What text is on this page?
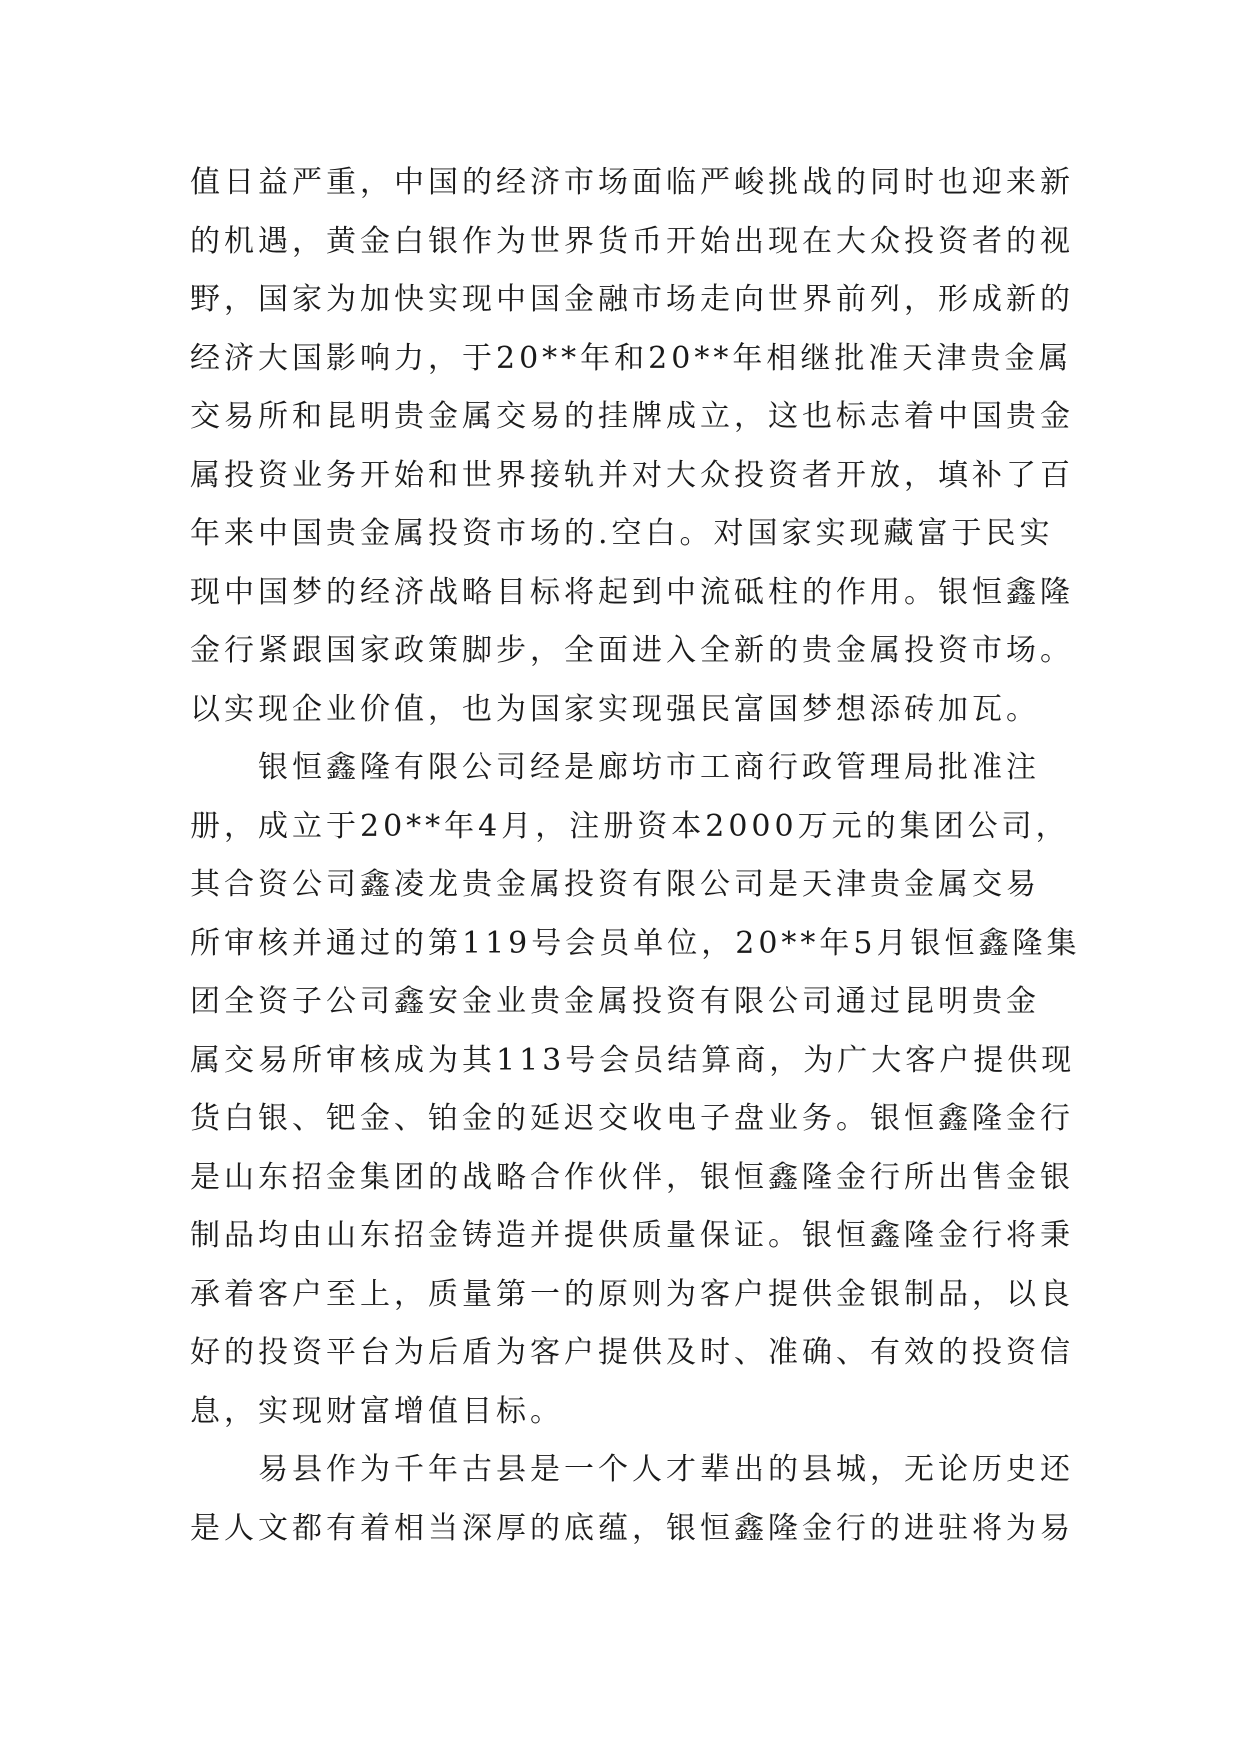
值日益严重，中国的经济市场面临严峻挑战的同时也迎来新
的机遇，黄金白银作为世界货币开始出现在大众投资者的视
野，国家为加快实现中国金融市场走向世界前列，形成新的
经济大国影响力，于20**年和20**年相继批准天津贵金属
交易所和昆明贵金属交易的挂牌成立，这也标志着中国贵金
属投资业务开始和世界接轨并对大众投资者开放，填补了百
年来中国贵金属投资市场的.空白。对国家实现藏富于民实
现中国梦的经济战略目标将起到中流砥柱的作用。银恒鑫隆
金行紧跟国家政策脚步，全面进入全新的贵金属投资市场。
以实现企业价值，也为国家实现强民富国梦想添砖加瓦。
银恒鑫隆有限公司经是廊坊市工商行政管理局批准注
册，成立于20**年4月，注册资本2000万元的集团公司，
其合资公司鑫凌龙贵金属投资有限公司是天津贵金属交易
所审核并通过的第119号会员单位，20**年5月银恒鑫隆集
团全资子公司鑫安金业贵金属投资有限公司通过昆明贵金
属交易所审核成为其113号会员结算商，为广大客户提供现
货白银、钯金、铂金的延迟交收电子盘业务。银恒鑫隆金行
是山东招金集团的战略合作伙伴，银恒鑫隆金行所出售金银
制品均由山东招金铸造并提供质量保证。银恒鑫隆金行将秉
承着客户至上，质量第一的原则为客户提供金银制品，以良
好的投资平台为后盾为客户提供及时、准确、有效的投资信
息，实现财富增值目标。
易县作为千年古县是一个人才辈出的县城，无论历史还
是人文都有着相当深厚的底蕴，银恒鑫隆金行的进驻将为易
